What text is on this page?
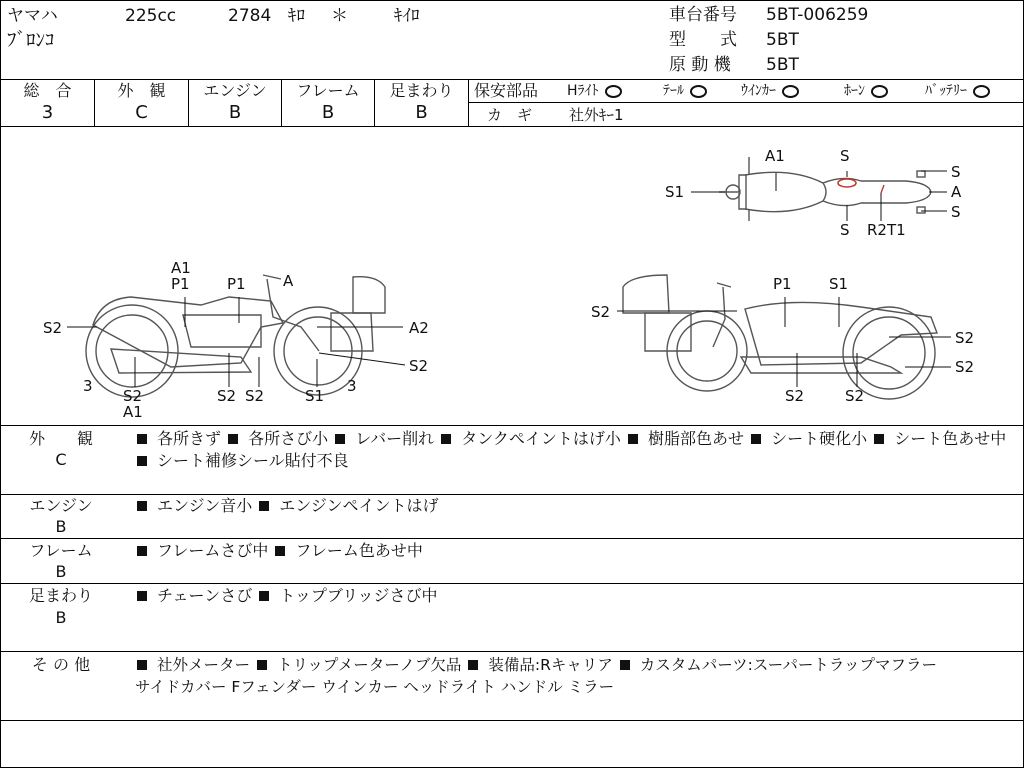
ヤマハ	225cc	2784 ｷﾛ ＊	ｷｲﾛ
ﾌﾞﾛﾝｺ
車台番号 5BT-006259
型　　式 5BT
原 動 機 5BT
総　合
3
外　観
C
エンジン
B
フレーム
B
足まわり
B
保安部品 Hﾗｲﾄ	ﾃｰﾙ	ｳｲﾝｶｰ	ﾎｰﾝ	ﾊﾞｯﾃﾘｰ
カ　ギ 社外ｷｰ1
A1	S
S
S1	A
S
S R2T1
A1
P1 P1 A
S2	A2
S2
3
S2	S2 S2	S1
3
A1
P1 S1
S2
S2
S2
S2	S2
外　　観
C
各所きず 各所さび小 レバー削れ タンクペイントはげ小 樹脂部色あせ シート硬化小 シート色あせ中 シート補修シール貼付不良
エンジン
B
エンジン音小 エンジンペイントはげ
フレーム
B
フレームさび中 フレーム色あせ中
足まわり
B
チェーンさび トップブリッジさび中
そ の 他	社外メーター トリップメーターノブ欠品 装備品:Rキャリア カスタムパーツ:スーパートラップマフラー
サイドカバー Fフェンダー ウインカー ヘッドライト ハンドル ミラー
